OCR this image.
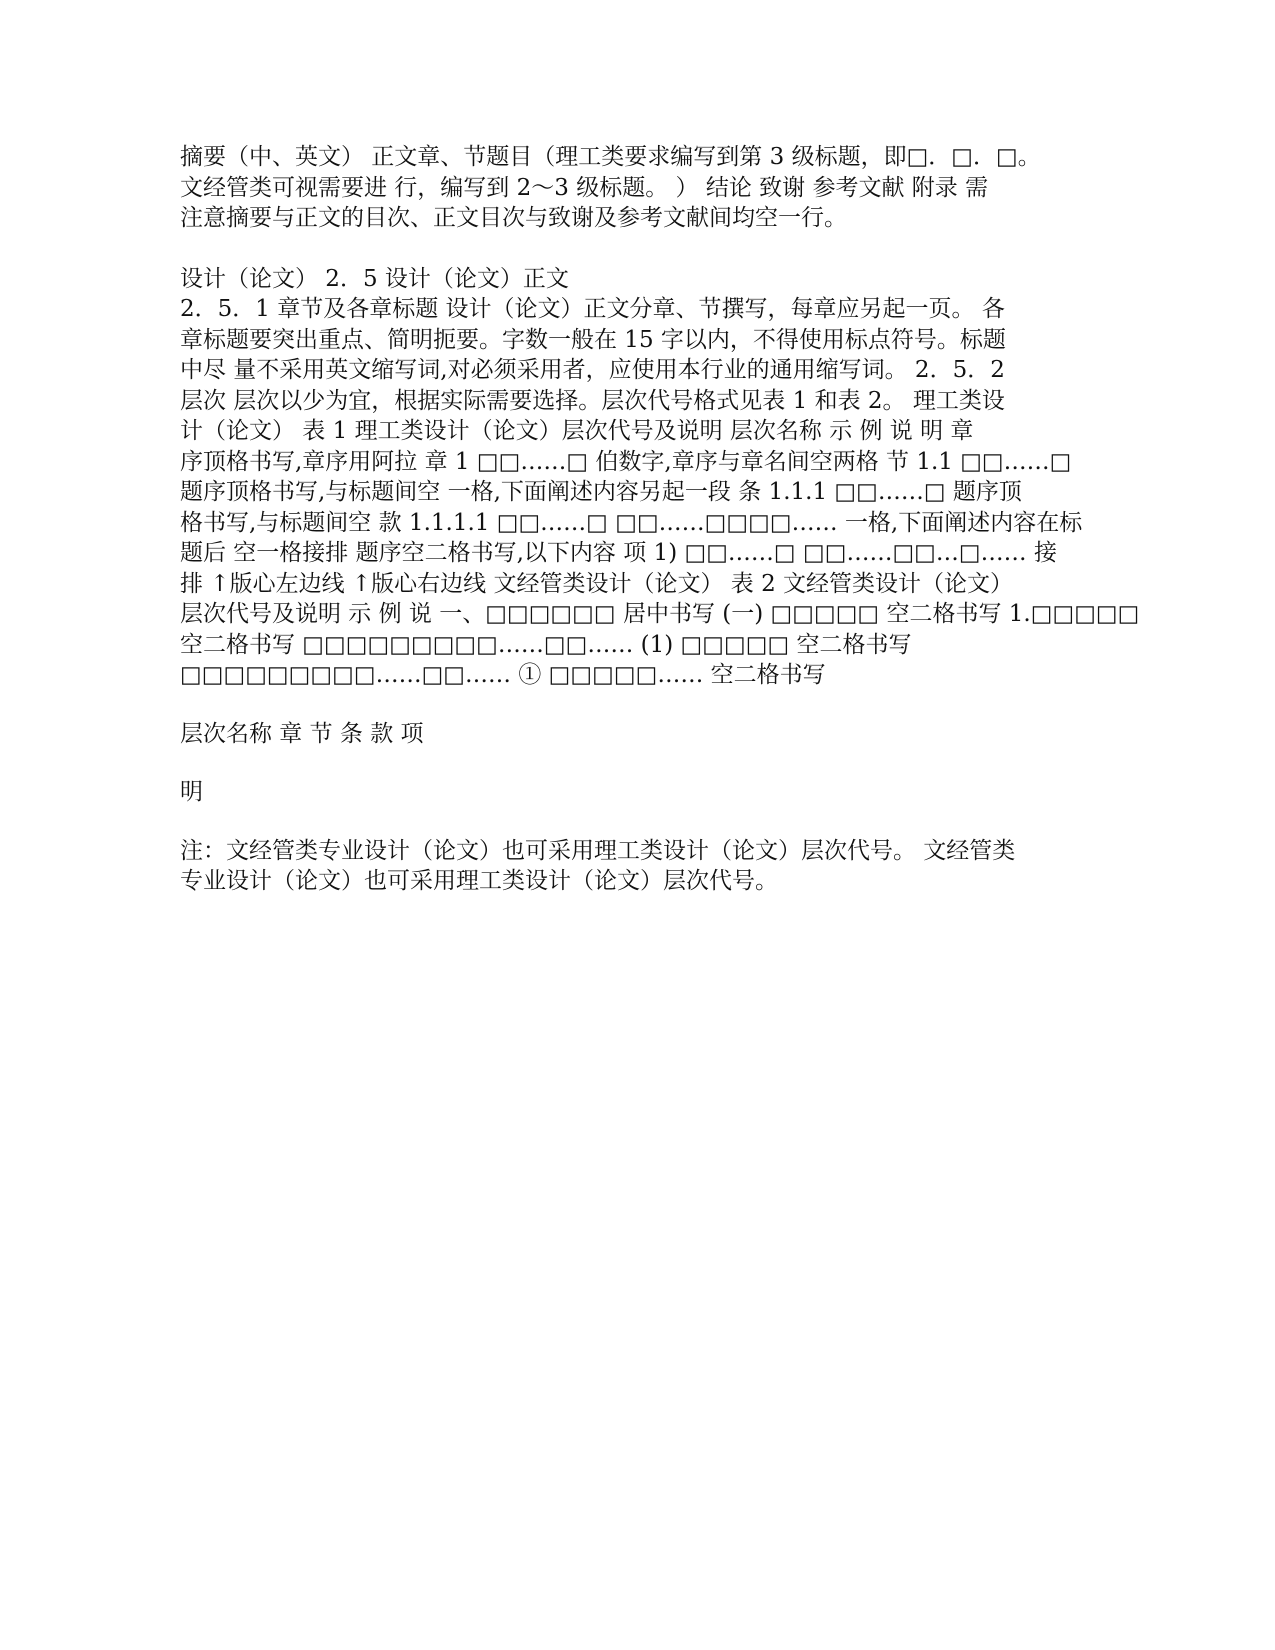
摘要（中、英文） 正文章、节题目（理工类要求编写到第 3 级标题，即□．□．□。
文经管类可视需要进 行，编写到 2～3 级标题。 ） 结论 致谢 参考文献 附录 需
注意摘要与正文的目次、正文目次与致谢及参考文献间均空一行。
设计（论文） 2．5 设计（论文）正文
2．5．1 章节及各章标题 设计（论文）正文分章、节撰写，每章应另起一页。 各
章标题要突出重点、简明扼要。字数一般在 15 字以内，不得使用标点符号。标题
中尽 量不采用英文缩写词,对必须采用者，应使用本行业的通用缩写词。 2．5．2
层次 层次以少为宜，根据实际需要选择。层次代号格式见表 1 和表 2。 理工类设
计（论文） 表 1 理工类设计（论文）层次代号及说明 层次名称 示 例 说 明 章
序顶格书写,章序用阿拉 章 1 □□……□ 伯数字,章序与章名间空两格 节 1.1 □□……□
题序顶格书写,与标题间空 一格,下面阐述内容另起一段 条 1.1.1 □□……□ 题序顶
格书写,与标题间空 款 1.1.1.1 □□……□ □□……□□□□…… 一格,下面阐述内容在标
题后 空一格接排 题序空二格书写,以下内容 项 1) □□……□ □□……□□…□…… 接
排 ↑版心左边线 ↑版心右边线 文经管类设计（论文） 表 2 文经管类设计（论文）
层次代号及说明 示 例 说 一、□□□□□□ 居中书写 (一) □□□□□ 空二格书写 1.□□□□□
空二格书写 □□□□□□□□□……□□…… (1) □□□□□ 空二格书写
□□□□□□□□□……□□…… ① □□□□□…… 空二格书写
层次名称 章 节 条 款 项
明
注：文经管类专业设计（论文）也可采用理工类设计（论文）层次代号。 文经管类
专业设计（论文）也可采用理工类设计（论文）层次代号。
